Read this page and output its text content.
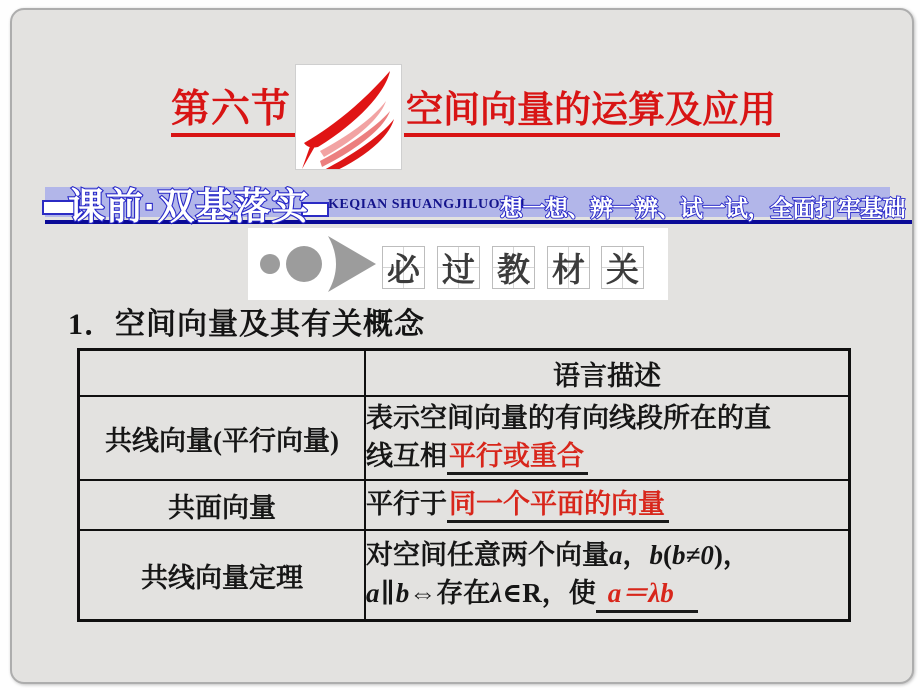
第六节	空间向量的运算及应用
课前·双基落实 KEQIAN SHUANGJILUOSHI
想一想、辨一辨、试一试，全面打牢基础
必 过 教 材 关
1．空间向量及其有关概念
	语言描述
共线向量(平行向量)	表示空间向量的有向线段所在的直
线互相平行或重合
共面向量	平行于同一个平面的向量
共线向量定理	对空间任意两个向量a，b(b≠0)，
a∥b⇔存在λ∈R，使 a＝λb
